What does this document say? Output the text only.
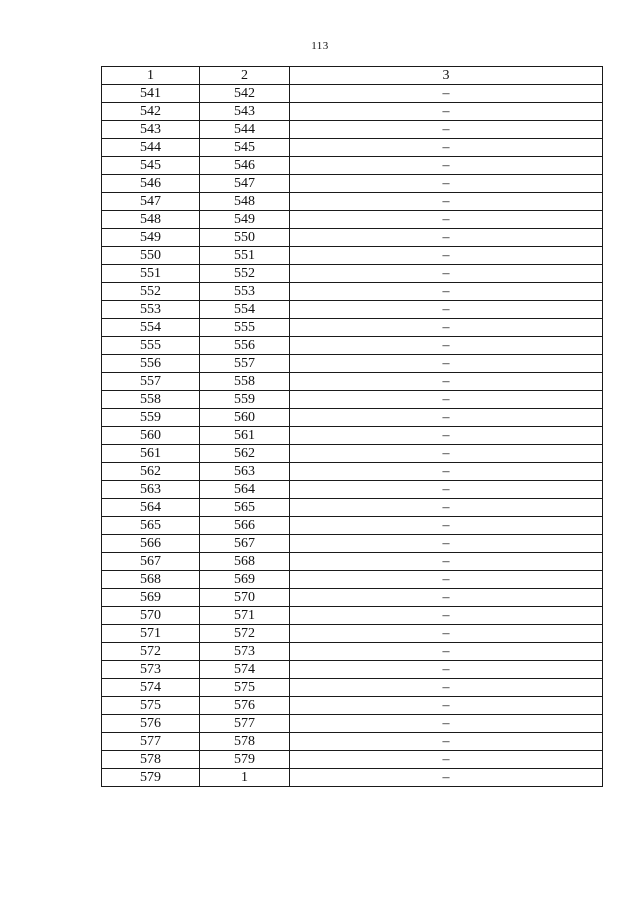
113
1	2	3
541	542	–
542	543	–
543	544	–
544	545	–
545	546	–
546	547	–
547	548	–
548	549	–
549	550	–
550	551	–
551	552	–
552	553	–
553	554	–
554	555	–
555	556	–
556	557	–
557	558	–
558	559	–
559	560	–
560	561	–
561	562	–
562	563	–
563	564	–
564	565	–
565	566	–
566	567	–
567	568	–
568	569	–
569	570	–
570	571	–
571	572	–
572	573	–
573	574	–
574	575	–
575	576	–
576	577	–
577	578	–
578	579	–
579	1	–
